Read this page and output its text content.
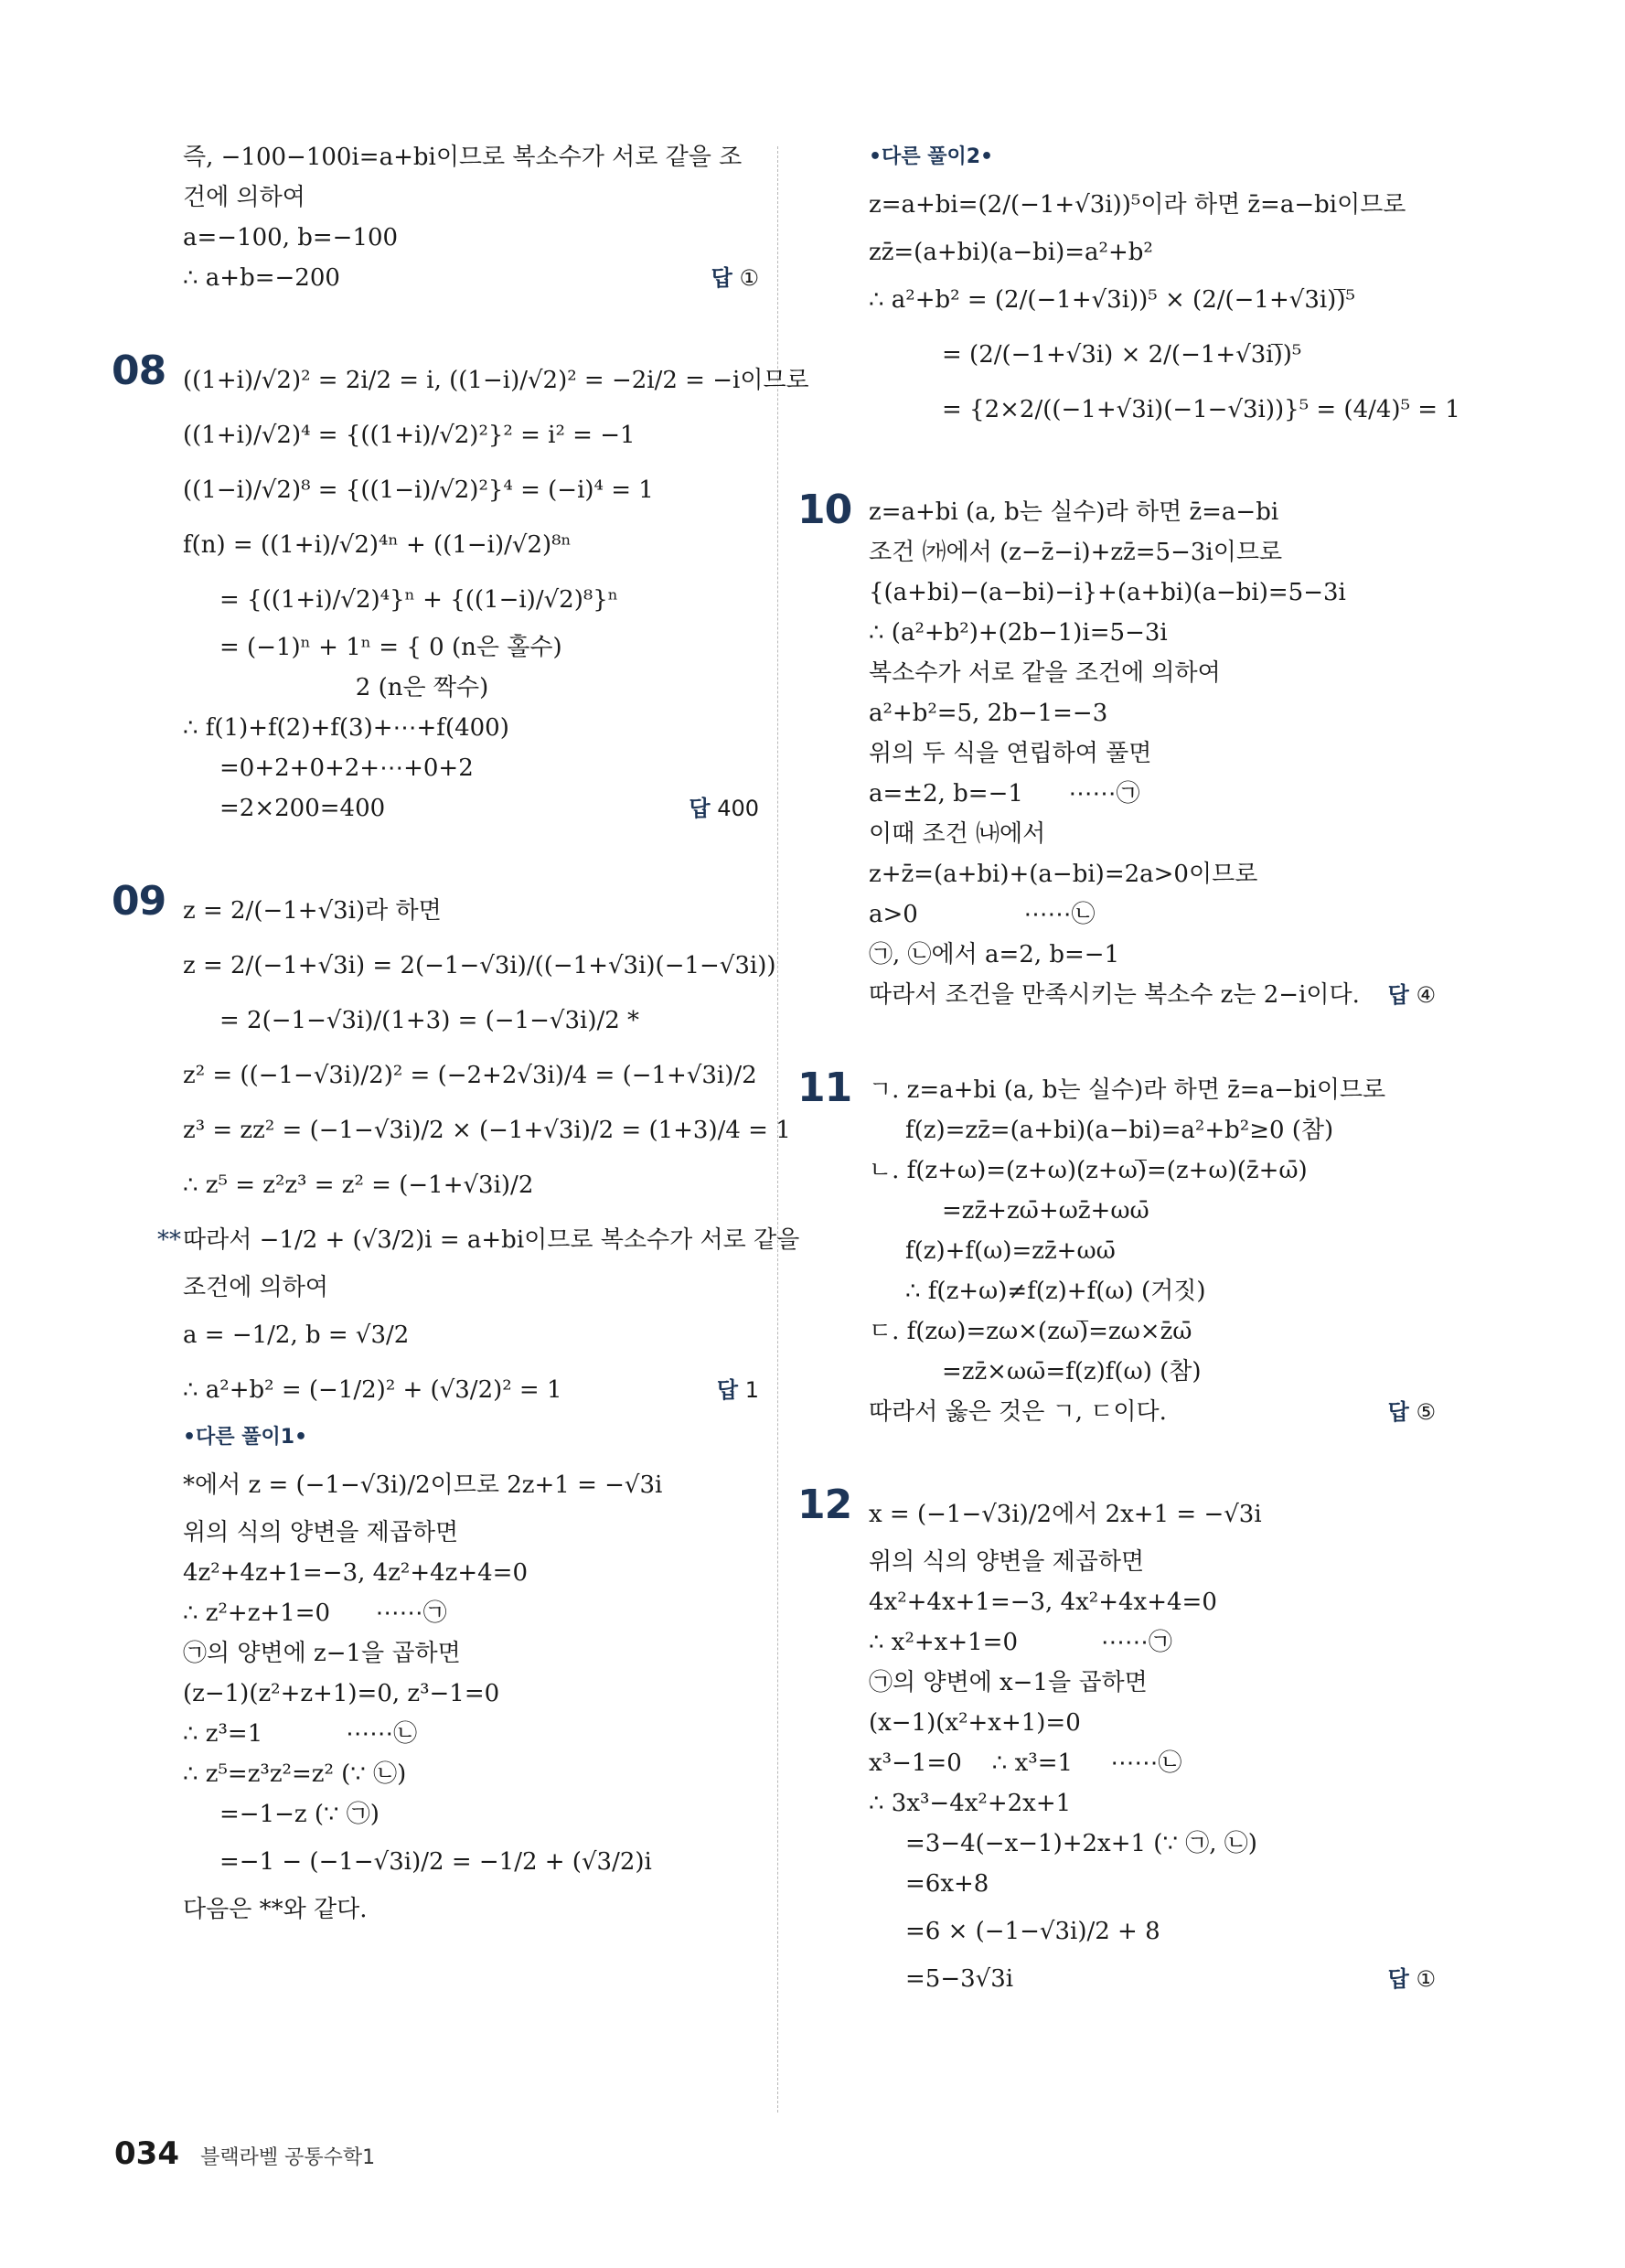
즉, −100−100i=a+bi이므로 복소수가 서로 같을 조
건에 의하여
a=−100, b=−100
∴ a+b=−200	답 ①
08 ((1+i)/√2)² = 2i/2 = i, ((1−i)/√2)² = −2i/2 = −i이므로
((1+i)/√2)⁴ = {((1+i)/√2)²}² = i² = −1
((1−i)/√2)⁸ = {((1−i)/√2)²}⁴ = (−i)⁴ = 1
f(n) = ((1+i)/√2)⁴ⁿ + ((1−i)/√2)⁸ⁿ
= {((1+i)/√2)⁴}ⁿ + {((1−i)/√2)⁸}ⁿ
= (−1)ⁿ + 1ⁿ = { 0 (n은 홀수)
2 (n은 짝수)
∴ f(1)+f(2)+f(3)+⋯+f(400)
=0+2+0+2+⋯+0+2
=2×200=400	답 400
09 z = 2/(−1+√3i)라 하면
z = 2/(−1+√3i) = 2(−1−√3i)/((−1+√3i)(−1−√3i))
= 2(−1−√3i)/(1+3) = (−1−√3i)/2 *
z² = ((−1−√3i)/2)² = (−2+2√3i)/4 = (−1+√3i)/2
z³ = zz² = (−1−√3i)/2 × (−1+√3i)/2 = (1+3)/4 = 1
∴ z⁵ = z²z³ = z² = (−1+√3i)/2
** 따라서 −1/2 + (√3/2)i = a+bi이므로 복소수가 서로 같을
조건에 의하여
a = −1/2, b = √3/2
∴ a²+b² = (−1/2)² + (√3/2)² = 1	답 1
•다른 풀이1•
*에서 z = (−1−√3i)/2이므로 2z+1 = −√3i
위의 식의 양변을 제곱하면
4z²+4z+1=−3, 4z²+4z+4=0
∴ z²+z+1=0      ⋯⋯㉠
㉠의 양변에 z−1을 곱하면
(z−1)(z²+z+1)=0, z³−1=0
∴ z³=1           ⋯⋯㉡
∴ z⁵=z³z²=z² (∵ ㉡)
=−1−z (∵ ㉠)
=−1 − (−1−√3i)/2 = −1/2 + (√3/2)i
다음은 **와 같다.
•다른 풀이2•
z=a+bi=(2/(−1+√3i))⁵이라 하면 z̄=a−bi이므로
zz̄=(a+bi)(a−bi)=a²+b²
∴ a²+b² = (2/(−1+√3i))⁵ × (2/(−1+√3i))̅⁵
= (2/(−1+√3i) × 2/(−1+√3i)̅)⁵
= {2×2/((−1+√3i)(−1−√3i))}⁵ = (4/4)⁵ = 1
10 z=a+bi (a, b는 실수)라 하면 z̄=a−bi
조건 ㈎에서 (z−z̄−i)+zz̄=5−3i이므로
{(a+bi)−(a−bi)−i}+(a+bi)(a−bi)=5−3i
∴ (a²+b²)+(2b−1)i=5−3i
복소수가 서로 같을 조건에 의하여
a²+b²=5, 2b−1=−3
위의 두 식을 연립하여 풀면
a=±2, b=−1      ⋯⋯㉠
이때 조건 ㈏에서
z+z̄=(a+bi)+(a−bi)=2a>0이므로
a>0              ⋯⋯㉡
㉠, ㉡에서 a=2, b=−1
따라서 조건을 만족시키는 복소수 z는 2−i이다. 답 ④
11 ㄱ. z=a+bi (a, b는 실수)라 하면 z̄=a−bi이므로
f(z)=zz̄=(a+bi)(a−bi)=a²+b²≥0 (참)
ㄴ. f(z+ω)=(z+ω)(z+ω)̅=(z+ω)(z̄+ω̄)
=zz̄+zω̄+ωz̄+ωω̄
f(z)+f(ω)=zz̄+ωω̄
∴ f(z+ω)≠f(z)+f(ω) (거짓)
ㄷ. f(zω)=zω×(zω)̅=zω×z̄ω̄
=zz̄×ωω̄=f(z)f(ω) (참)
따라서 옳은 것은 ㄱ, ㄷ이다.	답 ⑤
12 x = (−1−√3i)/2에서 2x+1 = −√3i
위의 식의 양변을 제곱하면
4x²+4x+1=−3, 4x²+4x+4=0
∴ x²+x+1=0           ⋯⋯㉠
㉠의 양변에 x−1을 곱하면
(x−1)(x²+x+1)=0
x³−1=0    ∴ x³=1     ⋯⋯㉡
∴ 3x³−4x²+2x+1
=3−4(−x−1)+2x+1 (∵ ㉠, ㉡)
=6x+8
=6 × (−1−√3i)/2 + 8
=5−3√3i	답 ①
034 블랙라벨 공통수학1
